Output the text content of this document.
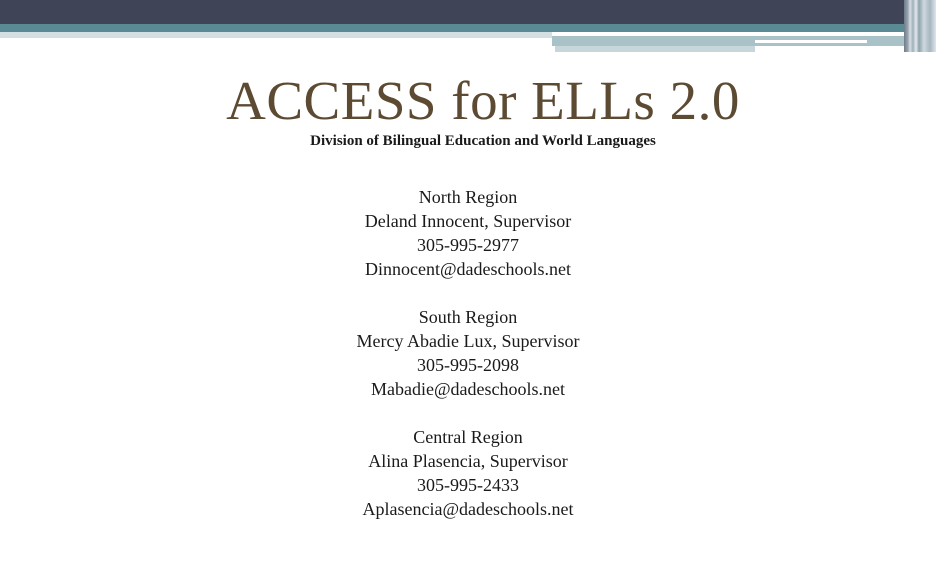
ACCESS for ELLs 2.0
Division of Bilingual Education and World Languages
North Region
Deland Innocent, Supervisor
305-995-2977
Dinnocent@dadeschools.net
South Region
Mercy Abadie Lux, Supervisor
305-995-2098
Mabadie@dadeschools.net
Central Region
Alina Plasencia, Supervisor
305-995-2433
Aplasencia@dadeschools.net
